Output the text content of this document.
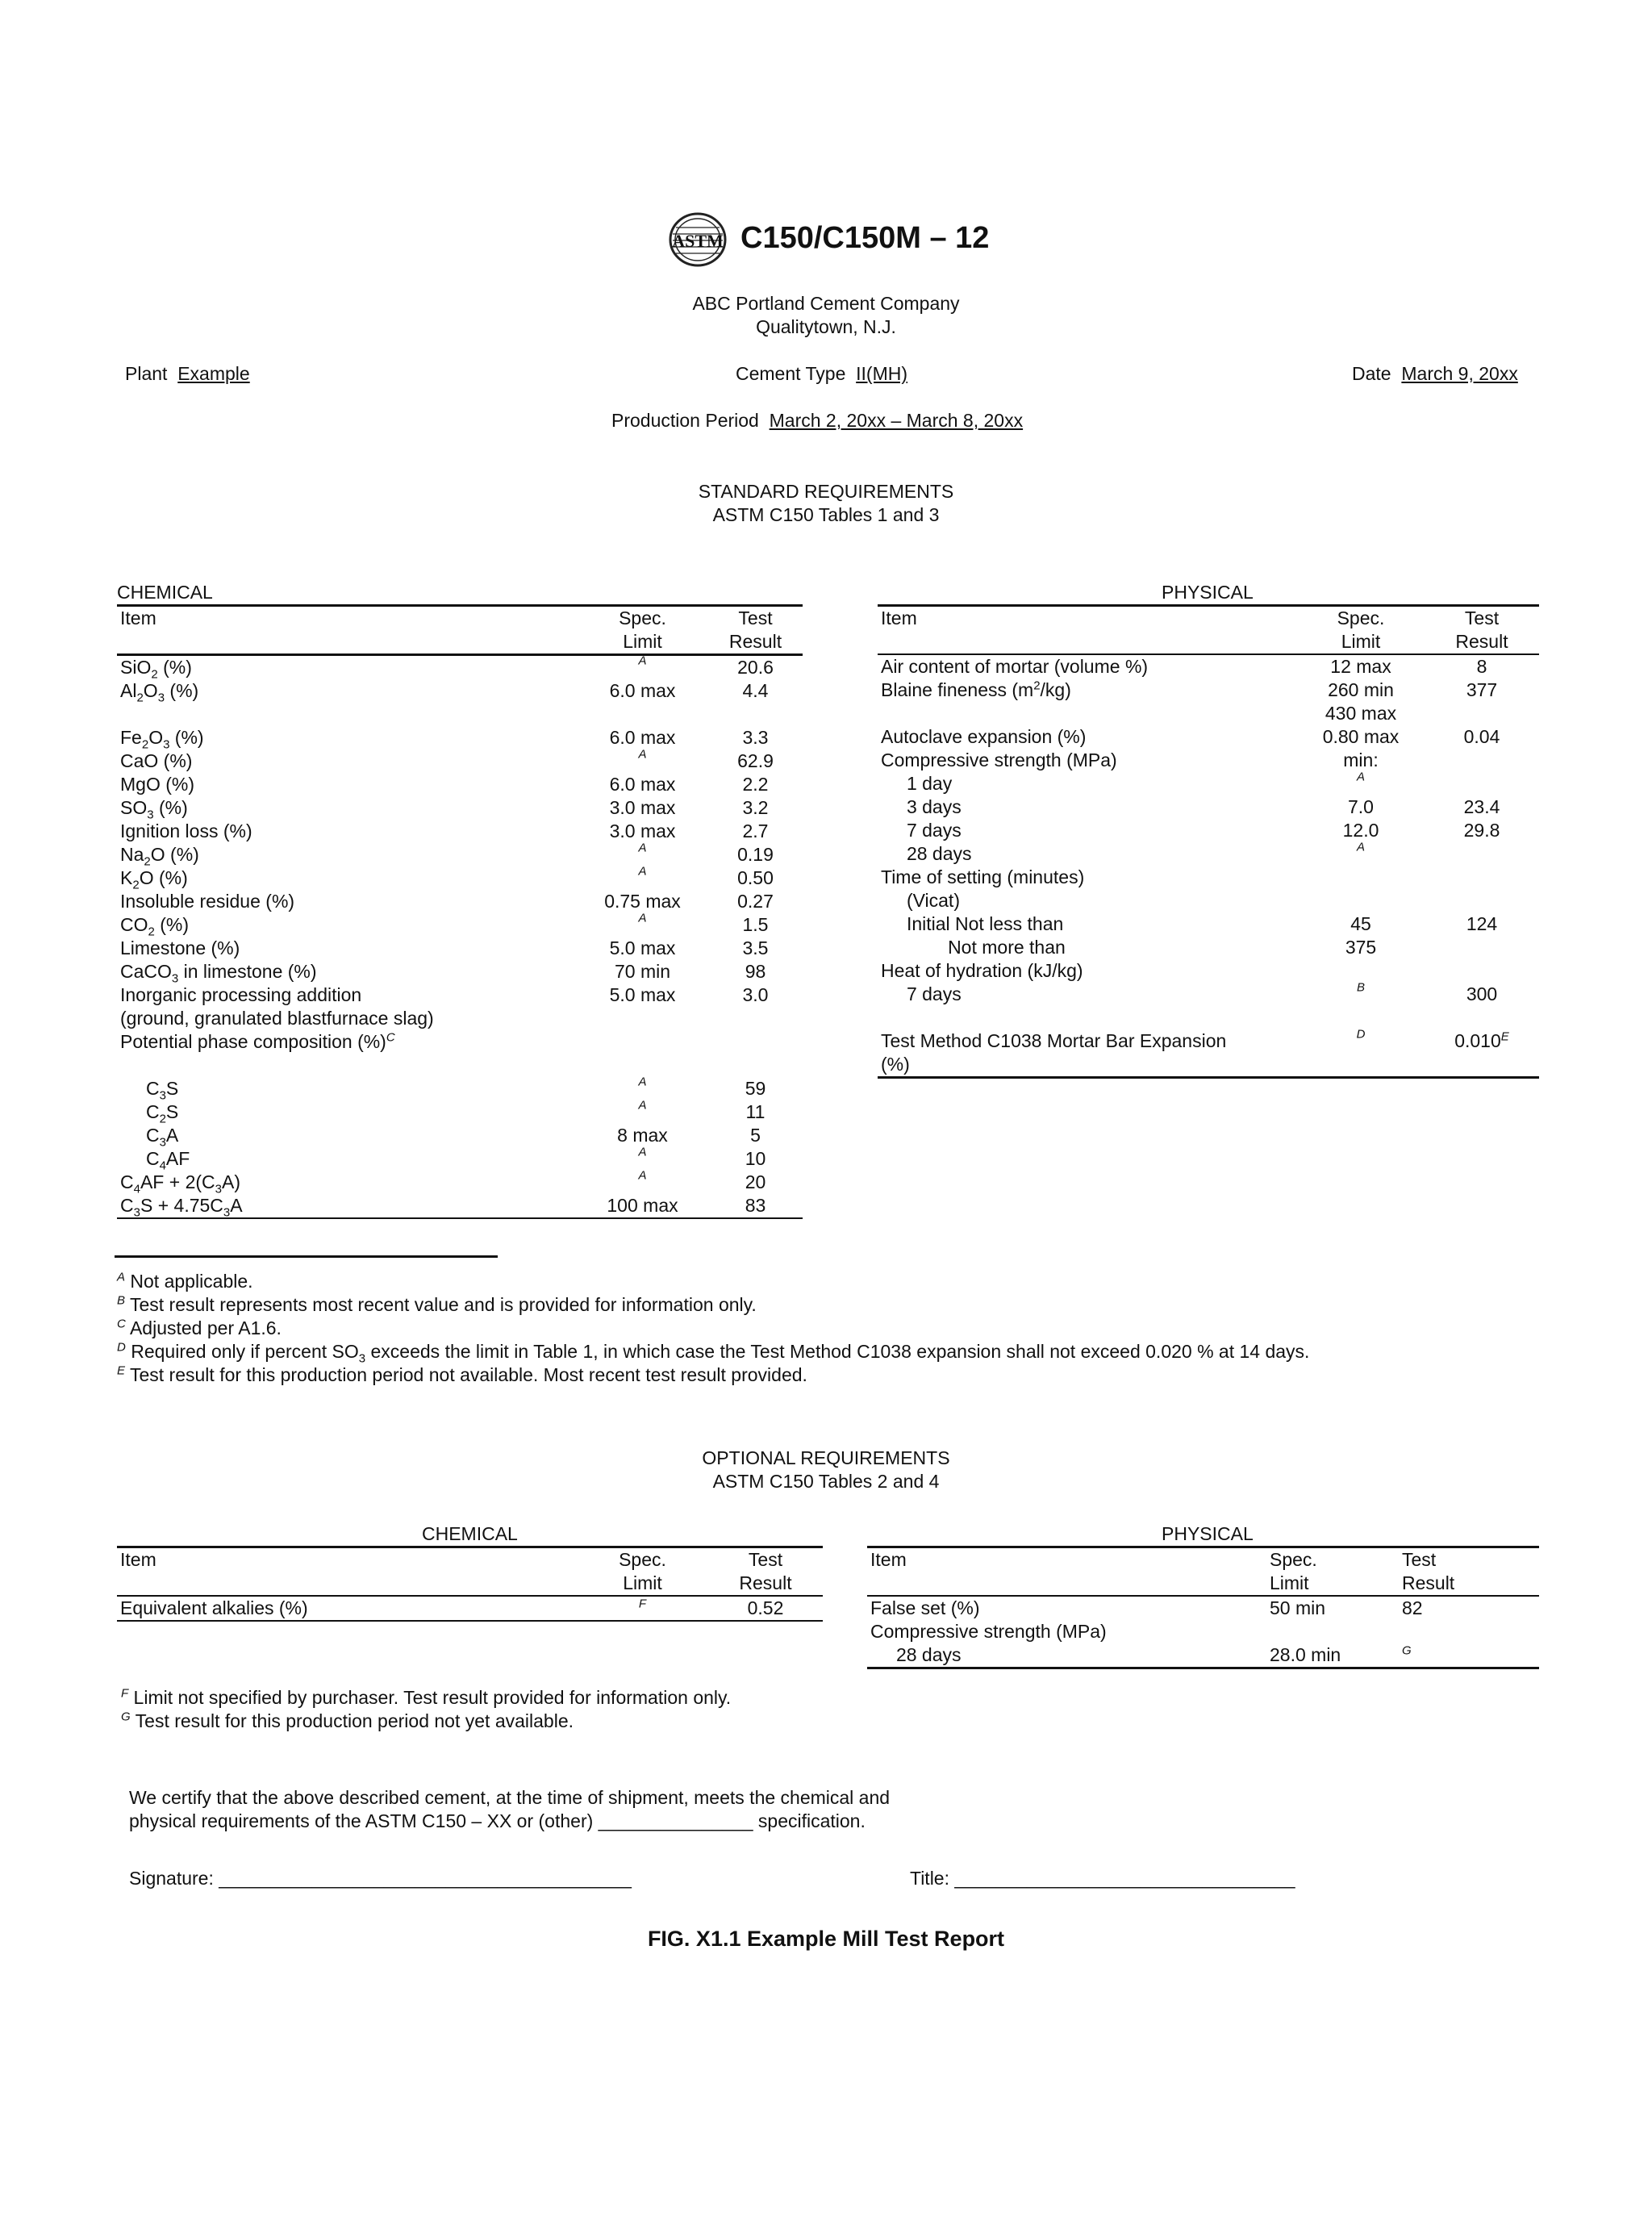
ASTM C150/C150M – 12
ABC Portland Cement Company
Qualitytown, N.J.
Plant Example	Cement Type II(MH)	Date March 9, 20xx
Production Period March 2, 20xx – March 8, 20xx
STANDARD REQUIREMENTS
ASTM C150 Tables 1 and 3
CHEMICAL
Item	Spec.
Limit
Test
Result
SiO$_2$ (%)	$^A$	20.6
$Al_2O_3$ (%)	6.0 max	4.4
$Fe_2O_3$ (%)	6.0 max	3.3
CaO (%)	$^A$	62.9
MgO (%)	6.0 max	2.2
$SO_3$ (%)	3.0 max	3.2
Ignition loss (%)	3.0 max	2.7
$Na_2O$ (%)	$^A$	0.19
$K_2O$ (%)	$^A$	0.50
Insoluble residue (%)	0.75 max	0.27
$CO_2$ (%)	$^A$	1.5
Limestone (%)	5.0 max	3.5
CaCO$_3$ in limestone (%)	70 min	98
Inorganic processing addition	5.0 max	3.0
(ground, granulated blastfurnace slag)
Potential phase composition (%)$^C$
$C_3S$	$^A$	59
$C_2S$	$^A$	11
$C_3A$	8 max	5
$C_4AF$	$^A$	10
$C_4AF + 2(C_3A)$	$^A$	20
$C_3S + 4.75C_3A$	100 max	83
PHYSICAL
Item	Spec.
Limit
Test
Result
Air content of mortar (volume %)	12 max	8
Blaine fineness $(m^2/kg)$	260 min	377
430 max
Autoclave expansion (%)	0.80 max	0.04
Compressive strength (MPa)	min:
1 day	$^A$
3 days	7.0	23.4
7 days	12.0	29.8
28 days	$^A$
Time of setting (minutes)
(Vicat)
Initial Not less than	45	124
Not more than	375
Heat of hydration (kJ/kg)
7 days	$^B$	300
Test Method C1038 Mortar Bar Expansion	$^D$	$0.010^E$
(%)
$^A$ Not applicable.
$^B$ Test result represents most recent value and is provided for information only.
$^C$ Adjusted per A1.6.
$^D$ Required only if percent $SO_3$ exceeds the limit in Table 1, in which case the Test Method C1038 expansion shall not exceed 0.020 % at 14 days.
$^E$ Test result for this production period not available. Most recent test result provided.
OPTIONAL REQUIREMENTS
ASTM C150 Tables 2 and 4
CHEMICAL
Item	Spec.
Limit
Test
Result
Equivalent alkalies (%)	$^F$	0.52
PHYSICAL
Item	Spec.
Limit
Test
Result
False set (%)	50 min	82
Compressive strength (MPa)
28 days	28.0 min	$^G$
$^F$ Limit not specified by purchaser. Test result provided for information only.
$^G$ Test result for this production period not yet available.
We certify that the above described cement, at the time of shipment, meets the chemical and
physical requirements of the ASTM C150 – XX or (other) _______________ specification.
Signature: ________________________________________	Title: _________________________________
FIG. X1.1 Example Mill Test Report
